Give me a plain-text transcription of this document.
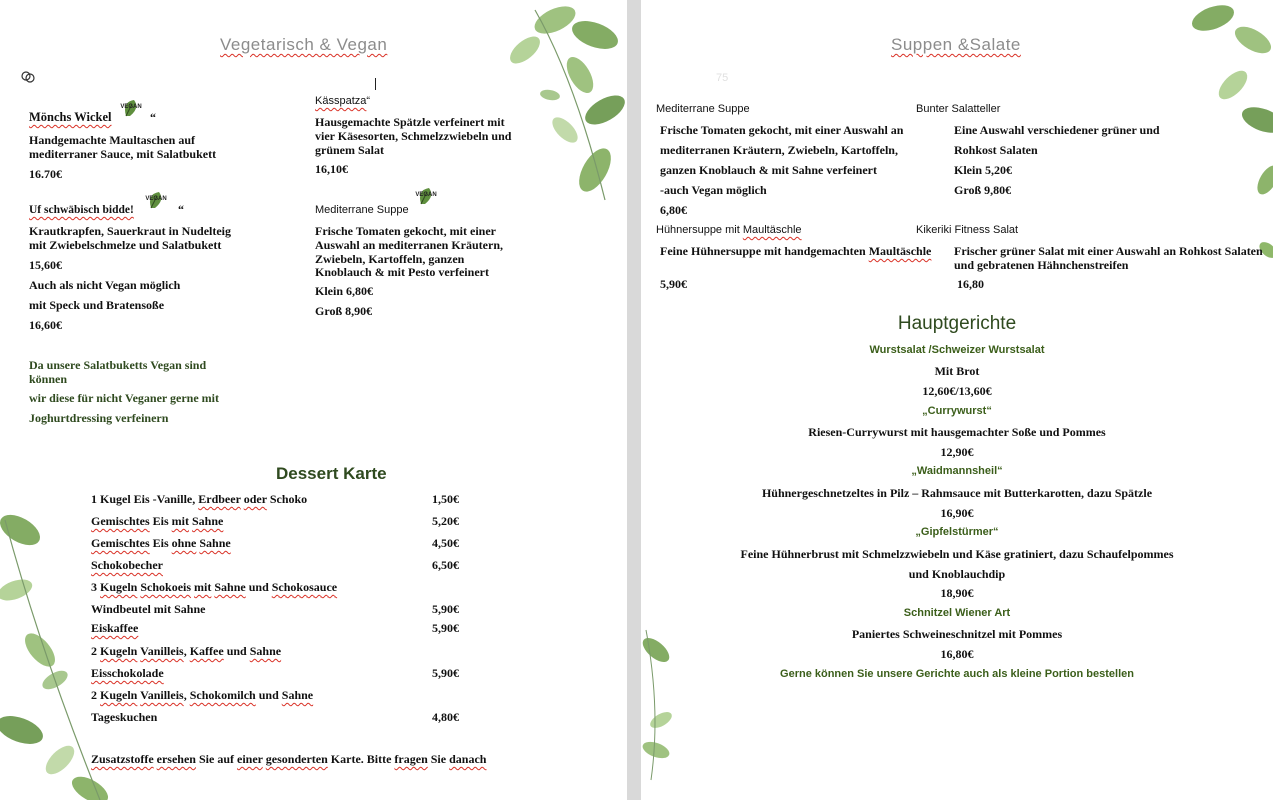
Vegetarisch & Vegan
Mönchs Wickel
VEGAN
“
Handgemachte Maultaschen auf
mediterraner Sauce, mit Salatbukett
16.70€
Uf schwäbisch bidde!
VEGAN
“
Krautkrapfen, Sauerkraut in Nudelteig
mit Zwiebelschmelze und Salatbukett
15,60€
Auch als nicht Vegan möglich
mit Speck und Bratensoße
16,60€
Kässpatza“
Hausgemachte Spätzle verfeinert mit
vier Käsesorten, Schmelzzwiebeln und
grünem Salat
16,10€
Mediterrane Suppe
VEGAN
Frische Tomaten gekocht, mit einer
Auswahl an mediterranen Kräutern,
Zwiebeln, Kartoffeln, ganzen
Knoblauch & mit Pesto verfeinert
Klein 6,80€
Groß 8,90€
Da unsere Salatbuketts Vegan sind
können
wir diese für nicht Veganer gerne mit
Joghurtdressing verfeinern
Dessert Karte
1 Kugel Eis -Vanille, Erdbeer oder Schoko	1,50€
Gemischtes Eis mit Sahne	5,20€
Gemischtes Eis ohne Sahne	4,50€
Schokobecher	6,50€
3 Kugeln Schokoeis mit Sahne und Schokosauce
Windbeutel mit Sahne	5,90€
Eiskaffee	5,90€
2 Kugeln Vanilleis, Kaffee und Sahne
Eisschokolade	5,90€
2 Kugeln Vanilleis, Schokomilch und Sahne
Tageskuchen	4,80€
Zusatzstoffe ersehen Sie auf einer gesonderten Karte. Bitte fragen Sie danach
Suppen &Salate
75
Mediterrane Suppe
Frische Tomaten gekocht, mit einer Auswahl an
mediterranen Kräutern, Zwiebeln, Kartoffeln,
ganzen Knoblauch & mit Sahne verfeinert
-auch Vegan möglich
6,80€
Hühnersuppe mit Maultäschle
Feine Hühnersuppe mit handgemachten Maultäschle
5,90€
Bunter Salatteller
Eine Auswahl verschiedener grüner und
Rohkost Salaten
Klein 5,20€
Groß 9,80€
Kikeriki Fitness Salat
Frischer grüner Salat mit einer Auswahl an Rohkost Salaten
und gebratenen Hähnchenstreifen
16,80
Hauptgerichte
Wurstsalat /Schweizer Wurstsalat
Mit Brot
12,60€/13,60€
„Currywurst“
Riesen-Currywurst mit hausgemachter Soße und Pommes
12,90€
„Waidmannsheil“
Hühnergeschnetzeltes in Pilz – Rahmsauce mit Butterkarotten, dazu Spätzle
16,90€
„Gipfelstürmer“
Feine Hühnerbrust mit Schmelzzwiebeln und Käse gratiniert, dazu Schaufelpommes
und Knoblauchdip
18,90€
Schnitzel Wiener Art
Paniertes Schweineschnitzel mit Pommes
16,80€
Gerne können Sie unsere Gerichte auch als kleine Portion bestellen
